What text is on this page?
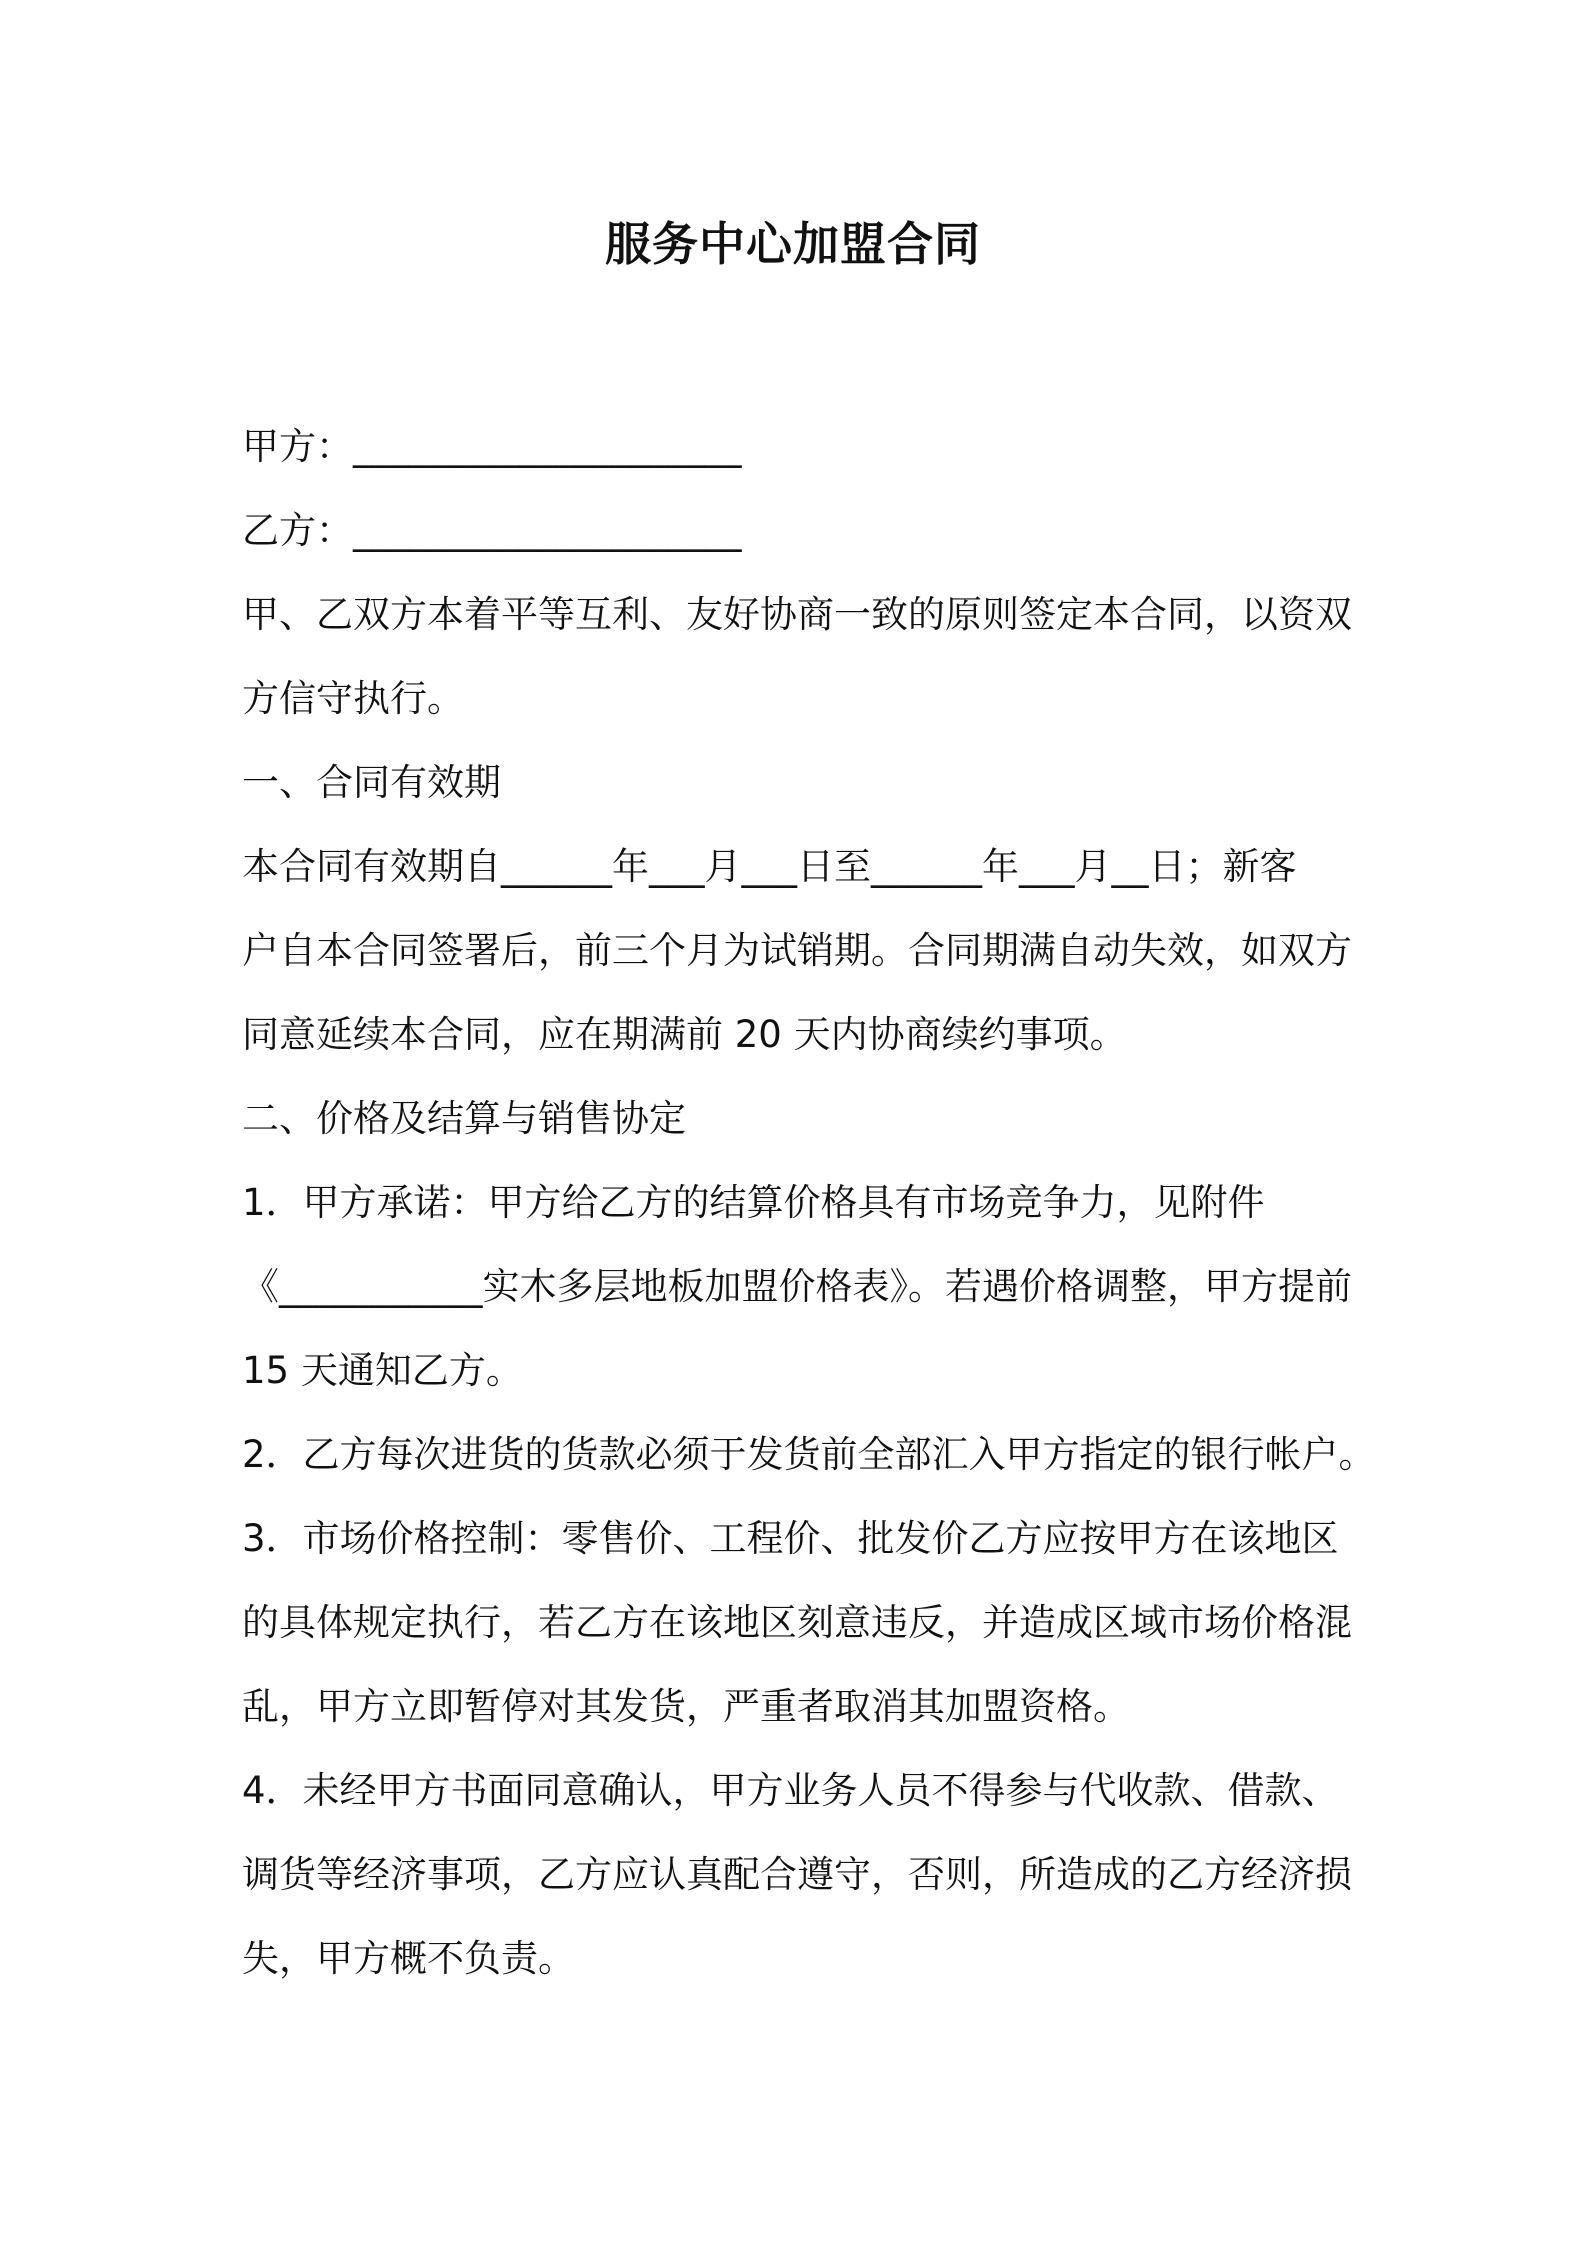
服务中心加盟合同

甲方：_____________________

乙方：_____________________

甲、乙双方本着平等互利、友好协商一致的原则签定本合同，以资双

方信守执行。

一、合同有效期

本合同有效期自______年___月___日至______年___月__日；新客

户自本合同签署后，前三个月为试销期。合同期满自动失效，如双方

同意延续本合同，应在期满前 20 天内协商续约事项。

二、价格及结算与销售协定

1．甲方承诺：甲方给乙方的结算价格具有市场竞争力，见附件

《___________实木多层地板加盟价格表》。若遇价格调整，甲方提前

15 天通知乙方。

2．乙方每次进货的货款必须于发货前全部汇入甲方指定的银行帐户。

3．市场价格控制：零售价、工程价、批发价乙方应按甲方在该地区

的具体规定执行，若乙方在该地区刻意违反，并造成区域市场价格混

乱，甲方立即暂停对其发货，严重者取消其加盟资格。

4．未经甲方书面同意确认，甲方业务人员不得参与代收款、借款、

调货等经济事项，乙方应认真配合遵守，否则，所造成的乙方经济损

失，甲方概不负责。
